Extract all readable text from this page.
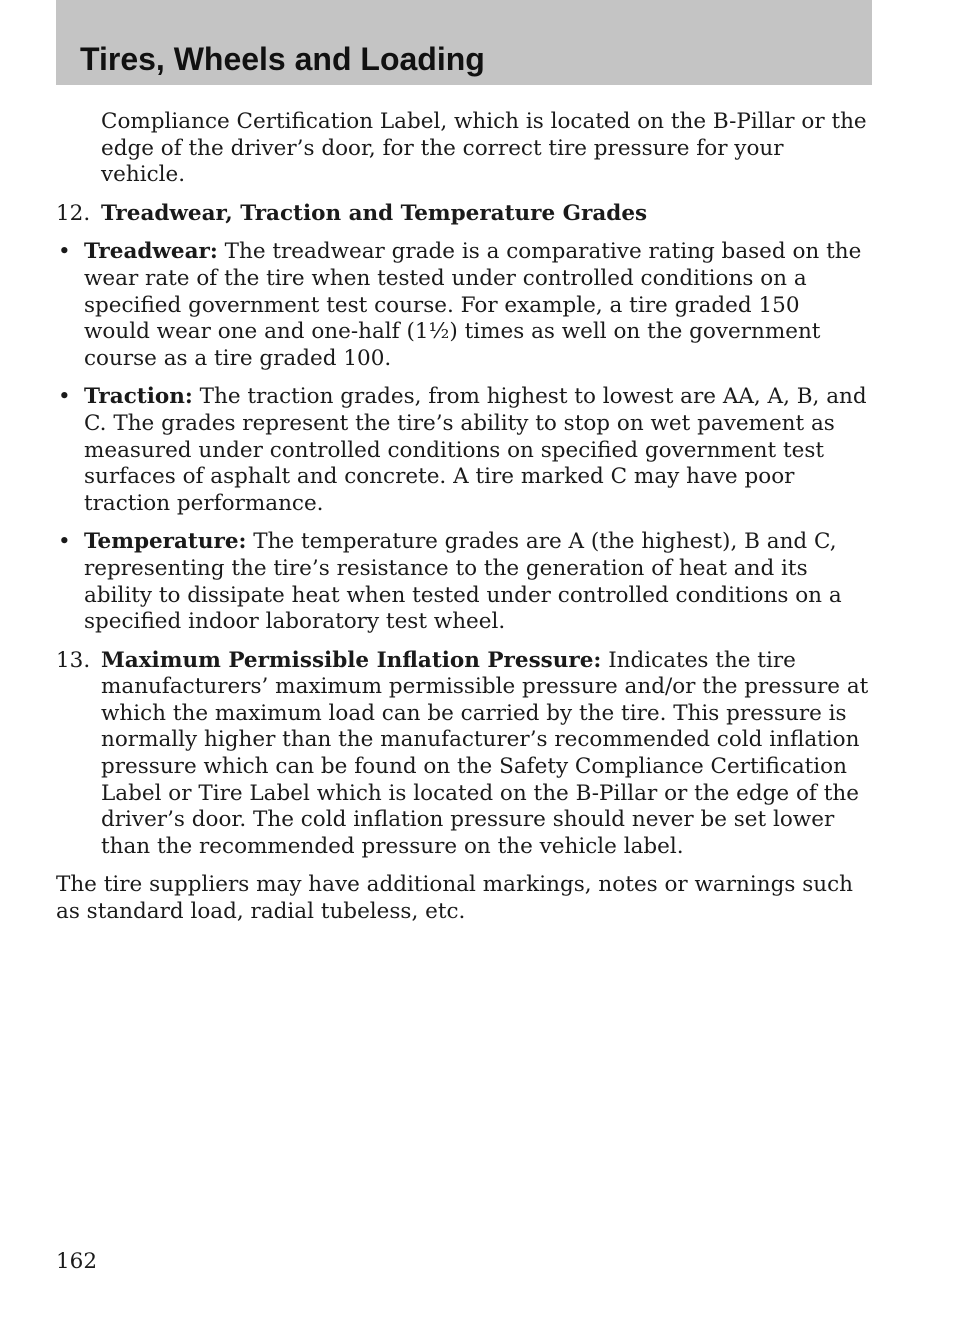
Tires, Wheels and Loading

Compliance Certification Label, which is located on the B-Pillar or the edge of the driver’s door, for the correct tire pressure for your vehicle.

12. Treadwear, Traction and Temperature Grades

• Treadwear: The treadwear grade is a comparative rating based on the wear rate of the tire when tested under controlled conditions on a specified government test course. For example, a tire graded 150 would wear one and one-half (1½) times as well on the government course as a tire graded 100.
• Traction: The traction grades, from highest to lowest are AA, A, B, and C. The grades represent the tire’s ability to stop on wet pavement as measured under controlled conditions on specified government test surfaces of asphalt and concrete. A tire marked C may have poor traction performance.
• Temperature: The temperature grades are A (the highest), B and C, representing the tire’s resistance to the generation of heat and its ability to dissipate heat when tested under controlled conditions on a specified indoor laboratory test wheel.

13. Maximum Permissible Inflation Pressure: Indicates the tire manufacturers’ maximum permissible pressure and/or the pressure at which the maximum load can be carried by the tire. This pressure is normally higher than the manufacturer’s recommended cold inflation pressure which can be found on the Safety Compliance Certification Label or Tire Label which is located on the B-Pillar or the edge of the driver’s door. The cold inflation pressure should never be set lower than the recommended pressure on the vehicle label.

The tire suppliers may have additional markings, notes or warnings such as standard load, radial tubeless, etc.

162
